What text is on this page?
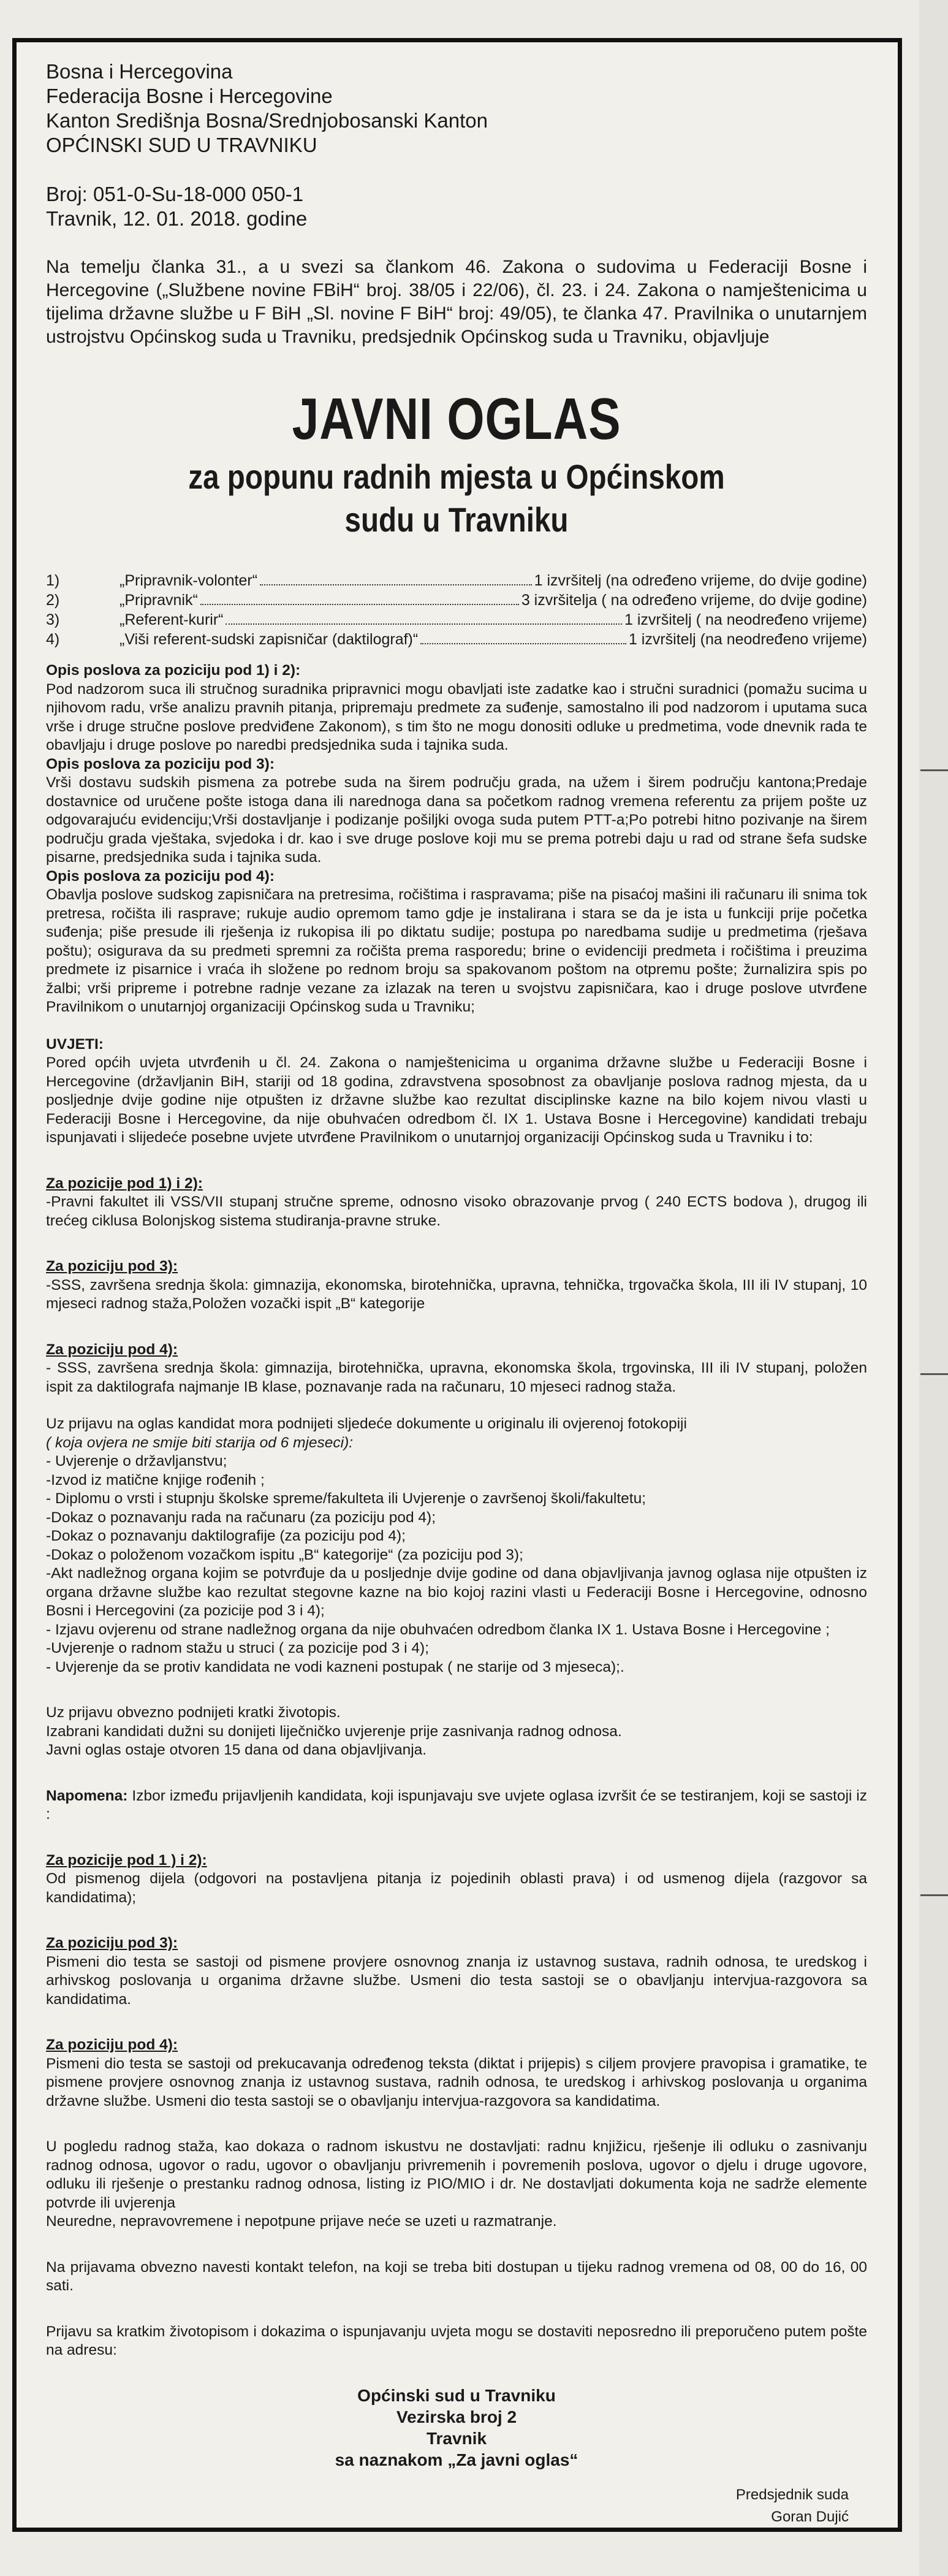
Bosna i Hercegovina
Federacija Bosne i Hercegovine
Kanton Središnja Bosna/Srednjobosanski Kanton
OPĆINSKI SUD U TRAVNIKU
Broj: 051-0-Su-18-000 050-1
Travnik, 12. 01. 2018. godine
Na temelju članka 31., a u svezi sa člankom 46. Zakona o sudovima u Federaciji Bosne i Hercegovine („Službene novine FBiH“ broj. 38/05 i 22/06), čl. 23. i 24. Zakona o namještenicima u tijelima državne službe u F BiH „Sl. novine F BiH“ broj: 49/05), te članka 47. Pravilnika o unutarnjem ustrojstvu Općinskog suda u Travniku, predsjednik Općinskog suda u Travniku, objavljuje
JAVNI OGLAS
za popunu radnih mjesta u Općinskom
sudu u Travniku
1)	„Pripravnik-volonter“	1 izvršitelj (na određeno vrijeme, do dvije godine)
2)	„Pripravnik“	3 izvršitelja ( na određeno vrijeme, do dvije godine)
3)	„Referent-kurir“	1 izvršitelj ( na neodređeno vrijeme)
4)	„Viši referent-sudski zapisničar (daktilograf)“	1 izvršitelj (na neodređeno vrijeme)
Opis poslova za poziciju pod 1) i 2):

Pod nadzorom suca ili stručnog suradnika pripravnici mogu obavljati iste zadatke kao i stručni suradnici (pomažu sucima u njihovom radu, vrše analizu pravnih pitanja, pripremaju predmete za suđenje, samostalno ili pod nadzorom i uputama suca vrše i druge stručne poslove predviđene Zakonom), s tim što ne mogu donositi odluke u predmetima, vode dnevnik rada te obavljaju i druge poslove po naredbi predsjednika suda i tajnika suda.

Opis poslova za poziciju pod 3):

Vrši dostavu sudskih pismena za potrebe suda na širem području grada, na užem i širem području kantona;Predaje dostavnice od uručene pošte istoga dana ili narednoga dana sa početkom radnog vremena referentu za prijem pošte uz odgovarajuću evidenciju;Vrši dostavljanje i podizanje pošiljki ovoga suda putem PTT-a;Po potrebi hitno pozivanje na širem području grada vještaka, svjedoka i dr. kao i sve druge poslove koji mu se prema potrebi daju u rad od strane šefa sudske pisarne, predsjednika suda i tajnika suda.

Opis poslova za poziciju pod 4):

Obavlja poslove sudskog zapisničara na pretresima, ročištima i raspravama; piše na pisaćoj mašini ili računaru ili snima tok pretresa, ročišta ili rasprave; rukuje audio opremom tamo gdje je instalirana i stara se da je ista u funkciji prije početka suđenja; piše presude ili rješenja iz rukopisa ili po diktatu sudije; postupa po naredbama sudije u predmetima (rješava poštu); osigurava da su predmeti spremni za ročišta prema rasporedu; brine o evidenciji predmeta i ročištima i preuzima predmete iz pisarnice i vraća ih složene po rednom broju sa spakovanom poštom na otpremu pošte; žurnalizira spis po žalbi; vrši pripreme i potrebne radnje vezane za izlazak na teren u svojstvu zapisničara, kao i druge poslove utvrđene Pravilnikom o unutarnjoj organizaciji Općinskog suda u Travniku;

UVJETI:

Pored općih uvjeta utvrđenih u čl. 24. Zakona o namještenicima u organima državne službe u Federaciji Bosne i Hercegovine (državljanin BiH, stariji od 18 godina, zdravstvena sposobnost za obavljanje poslova radnog mjesta, da u posljednje dvije godine nije otpušten iz državne službe kao rezultat disciplinske kazne na bilo kojem nivou vlasti u Federaciji Bosne i Hercegovine, da nije obuhvaćen odredbom čl. IX 1. Ustava Bosne i Hercegovine) kandidati trebaju ispunjavati i slijedeće posebne uvjete utvrđene Pravilnikom o unutarnjoj organizaciji Općinskog suda u Travniku i to:

Za pozicije pod 1) i 2):

-Pravni fakultet ili VSS/VII stupanj stručne spreme, odnosno visoko obrazovanje prvog ( 240 ECTS bodova ), drugog ili trećeg ciklusa Bolonjskog sistema studiranja-pravne struke.

Za poziciju pod 3):

-SSS, završena srednja škola: gimnazija, ekonomska, birotehnička, upravna, tehnička, trgovačka škola, III ili IV stupanj, 10 mjeseci radnog staža,Položen vozački ispit „B“ kategorije

Za poziciju pod 4):

- SSS, završena srednja škola: gimnazija, birotehnička, upravna, ekonomska škola, trgovinska, III ili IV stupanj, položen ispit za daktilografa najmanje IB klase, poznavanje rada na računaru, 10 mjeseci radnog staža.

Uz prijavu na oglas kandidat mora podnijeti sljedeće dokumente u originalu ili ovjerenoj fotokopiji

( koja ovjera ne smije biti starija od 6 mjeseci):

- Uvjerenje o državljanstvu;
-Izvod iz matične knjige rođenih ;
- Diplomu o vrsti i stupnju školske spreme/fakulteta ili Uvjerenje o završenoj školi/fakultetu;
-Dokaz o poznavanju rada na računaru (za poziciju pod 4);
-Dokaz o poznavanju daktilografije (za poziciju pod 4);
-Dokaz o položenom vozačkom ispitu „B“ kategorije“ (za poziciju pod 3);
-Akt nadležnog organa kojim se potvrđuje da u posljednje dvije godine od dana objavljivanja javnog oglasa nije otpušten iz organa državne službe kao rezultat stegovne kazne na bio kojoj razini vlasti u Federaciji Bosne i Hercegovine, odnosno Bosni i Hercegovini (za pozicije pod 3 i 4);
- Izjavu ovjerenu od strane nadležnog organa da nije obuhvaćen odredbom članka IX 1. Ustava Bosne i Hercegovine ;
-Uvjerenje o radnom stažu u struci ( za pozicije pod 3 i 4);
- Uvjerenje da se protiv kandidata ne vodi kazneni postupak ( ne starije od 3 mjeseca);.
Uz prijavu obvezno podnijeti kratki životopis.
Izabrani kandidati dužni su donijeti liječničko uvjerenje prije zasnivanja radnog odnosa.
Javni oglas ostaje otvoren 15 dana od dana objavljivanja.

Napomena: Izbor između prijavljenih kandidata, koji ispunjavaju sve uvjete oglasa izvršit će se testiranjem, koji se sastoji iz :

Za pozicije pod 1 ) i 2):

Od pismenog dijela (odgovori na postavljena pitanja iz pojedinih oblasti prava) i od usmenog dijela (razgovor sa kandidatima);

Za poziciju pod 3):

Pismeni dio testa se sastoji od pismene provjere osnovnog znanja iz ustavnog sustava, radnih odnosa, te uredskog i arhivskog poslovanja u organima državne službe. Usmeni dio testa sastoji se o obavljanju intervjua-razgovora sa kandidatima.

Za poziciju pod 4):

Pismeni dio testa se sastoji od prekucavanja određenog teksta (diktat i prijepis) s ciljem provjere pravopisa i gramatike, te pismene provjere osnovnog znanja iz ustavnog sustava, radnih odnosa, te uredskog i arhivskog poslovanja u organima državne službe. Usmeni dio testa sastoji se o obavljanju intervjua-razgovora sa kandidatima.

U pogledu radnog staža, kao dokaza o radnom iskustvu ne dostavljati: radnu knjižicu, rješenje ili odluku o zasnivanju radnog odnosa, ugovor o radu, ugovor o obavljanju privremenih i povremenih poslova, ugovor o djelu i druge ugovore, odluku ili rješenje o prestanku radnog odnosa, listing iz PIO/MIO i dr. Ne dostavljati dokumenta koja ne sadrže elemente potvrde ili uvjerenja

Neuredne, nepravovremene i nepotpune prijave neće se uzeti u razmatranje.

Na prijavama obvezno navesti kontakt telefon, na koji se treba biti dostupan u tijeku radnog vremena od 08, 00 do 16, 00 sati.

Prijavu sa kratkim životopisom i dokazima o ispunjavanju uvjeta mogu se dostaviti neposredno ili preporučeno putem pošte na adresu:

Općinski sud u Travniku
Vezirska broj 2
Travnik
sa naznakom „Za javni oglas“
Predsjednik suda
Goran Dujić
